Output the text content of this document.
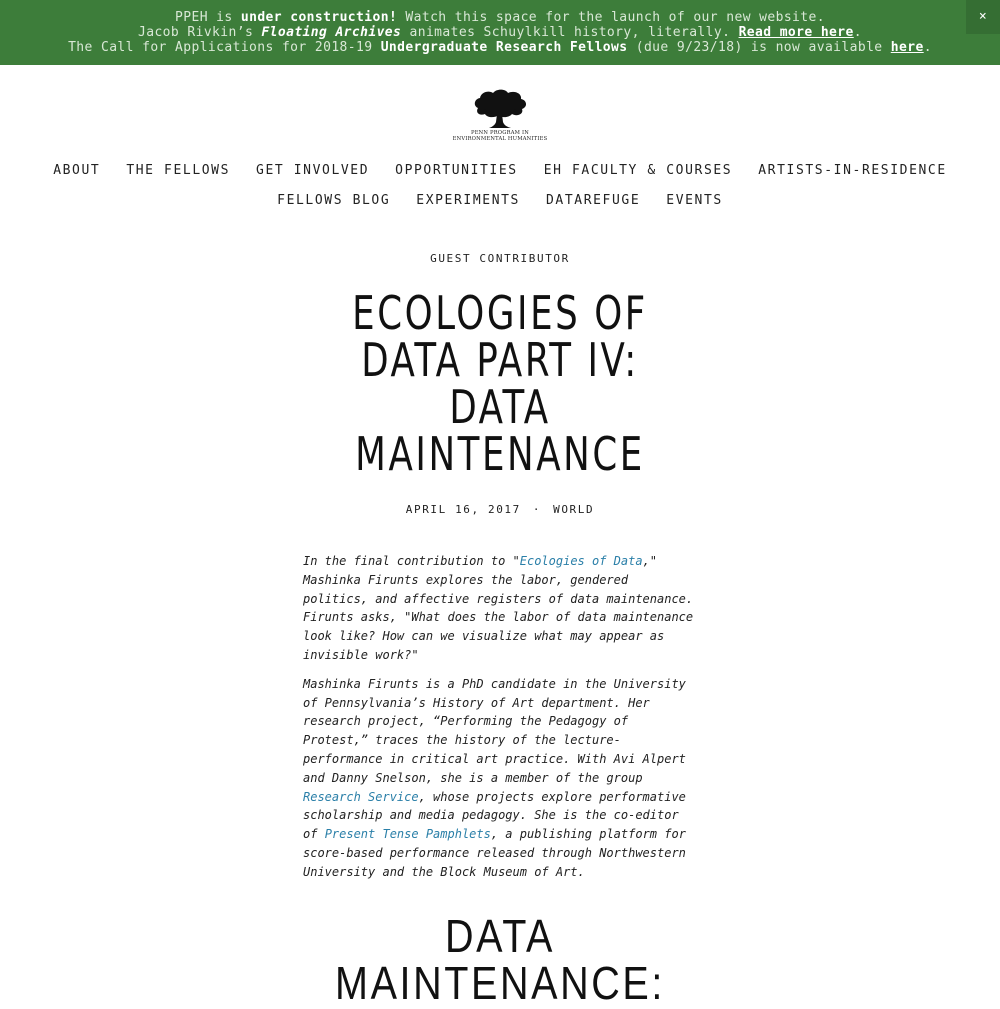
PPEH is under construction! Watch this space for the launch of our new website.
Jacob Rivkin’s Floating Archives animates Schuylkill history, literally. Read more here.
The Call for Applications for 2018-19 Undergraduate Research Fellows (due 9/23/18) is now available here.
×
PENN PROGRAM IN
ENVIRONMENTAL HUMANITIES
ABOUT THE FELLOWS GET INVOLVED OPPORTUNITIES EH FACULTY & COURSES ARTISTS-IN-RESIDENCE
FELLOWS BLOG EXPERIMENTS DATAREFUGE EVENTS
GUEST CONTRIBUTOR
ECOLOGIES OF
DATA PART IV:
DATA
MAINTENANCE
APRIL 16, 2017 · WORLD

In the final contribution to "Ecologies of Data," Mashinka Firunts explores the labor, gendered politics, and affective registers of data maintenance. Firunts asks, "What does the labor of data maintenance look like? How can we visualize what may appear as invisible work?"

Mashinka Firunts is a PhD candidate in the University of Pennsylvania’s History of Art department. Her research project, “Performing the Pedagogy of Protest,” traces the history of the lecture-performance in critical art practice. With Avi Alpert and Danny Snelson, she is a member of the group Research Service, whose projects explore performative scholarship and media pedagogy. She is the co-editor of Present Tense Pamphlets, a publishing platform for score-based performance released through Northwestern University and the Block Museum of Art.

DATA
MAINTENANCE:
